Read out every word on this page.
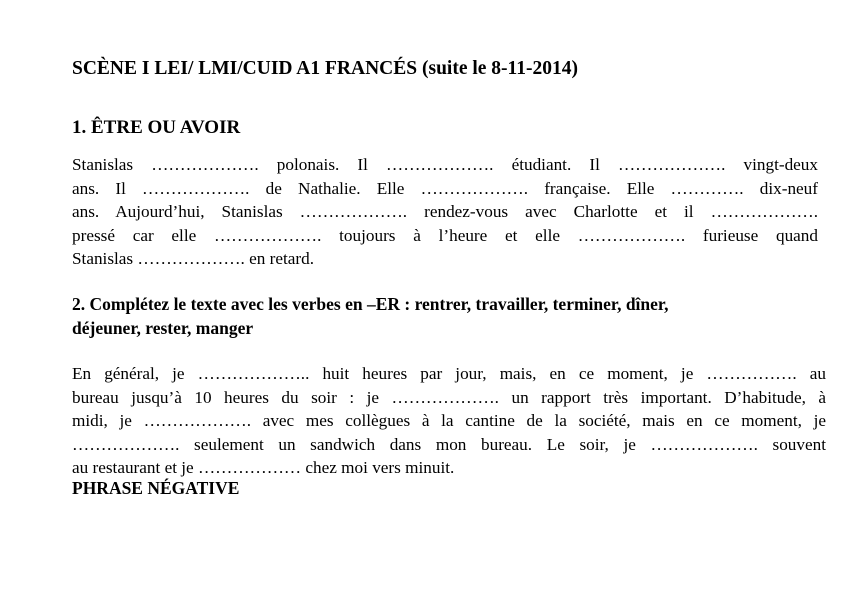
SCÈNE I LEI/ LMI/CUID A1 FRANCÉS (suite le 8-11-2014)
1. ÊTRE OU AVOIR
Stanislas ………………. polonais. Il ………………. étudiant. Il ………………. vingt-deux
ans. Il ………………. de Nathalie. Elle ………………. française. Elle …………. dix-neuf
ans. Aujourd’hui, Stanislas ………………. rendez-vous avec Charlotte et il ……………….
pressé car elle ………………. toujours à l’heure et elle ………………. furieuse quand
Stanislas ………………. en retard.
2. Complétez le texte avec les verbes en –ER : rentrer, travailler, terminer, dîner,
déjeuner, rester, manger
En général, je ……………….. huit heures par jour, mais, en ce moment, je ……………. au
bureau jusqu’à 10 heures du soir : je ………………. un rapport très important. D’habitude, à
midi, je ………………. avec mes collègues à la cantine de la société, mais en ce moment, je
………………. seulement un sandwich dans mon bureau. Le soir, je ………………. souvent
au restaurant et je ……………… chez moi vers minuit.
PHRASE NÉGATIVE
